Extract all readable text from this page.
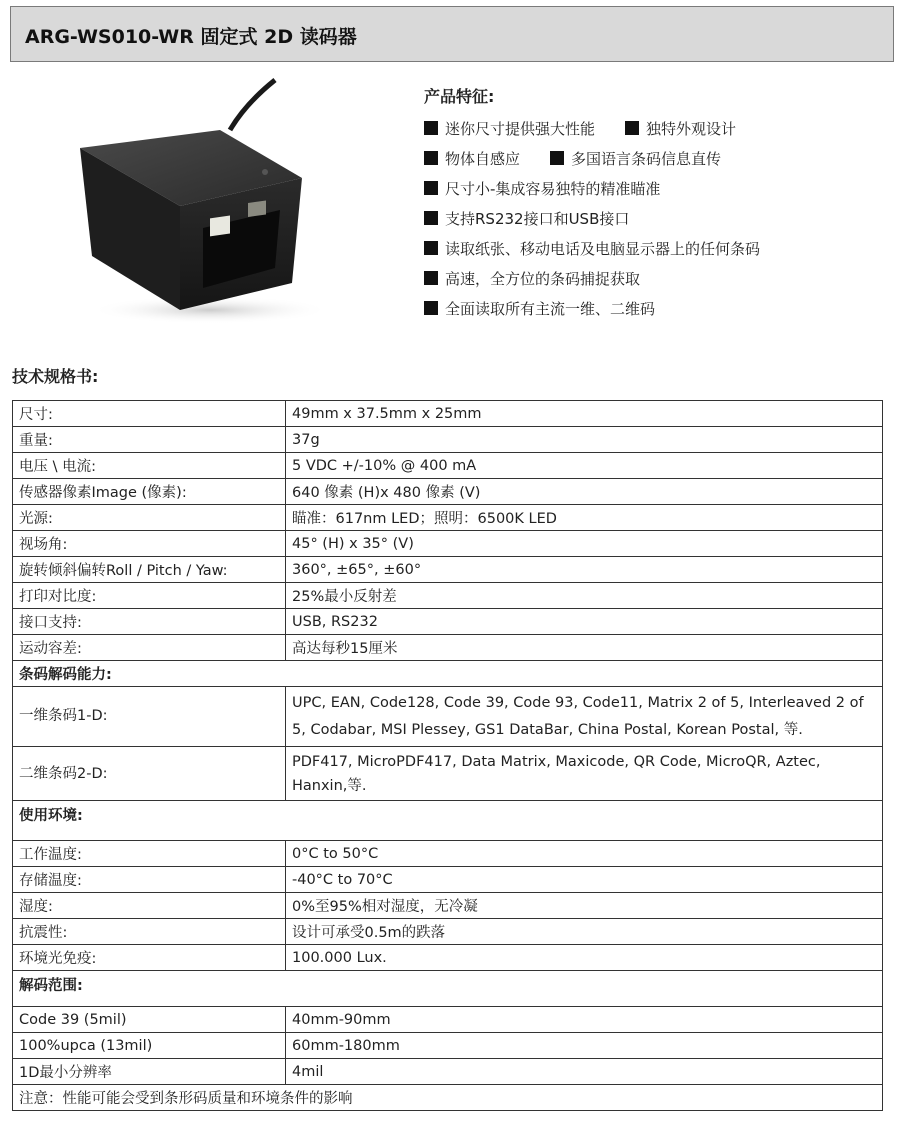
ARG-WS010-WR 固定式 2D 读码器
产品特征:
迷你尺寸提供强大性能	独特外观设计
物体自感应	多国语言条码信息直传
尺寸小-集成容易独特的精准瞄准
支持RS232接口和USB接口
读取纸张、移动电话及电脑显示器上的任何条码
高速，全方位的条码捕捉获取
全面读取所有主流一维、二维码
技术规格书:
尺寸:	49mm x 37.5mm x 25mm
重量:	37g
电压 \ 电流:	5 VDC +/-10% @ 400 mA
传感器像素Image (像素):	640 像素 (H)x 480 像素 (V)
光源:	瞄准：617nm LED；照明：6500K LED
视场角:	45° (H) x 35° (V)
旋转倾斜偏转Roll / Pitch / Yaw:	360°, ±65°, ±60°
打印对比度:	25%最小反射差
接口支持:	USB, RS232
运动容差:	高达每秒15厘米
条码解码能力:	
一维条码1-D:	UPC, EAN, Code128, Code 39, Code 93, Code11, Matrix 2 of 5, Interleaved 2 of 5, Codabar, MSI Plessey, GS1 DataBar, China Postal, Korean Postal, 等.
二维条码2-D:	PDF417, MicroPDF417, Data Matrix, Maxicode, QR Code, MicroQR, Aztec, Hanxin,等.
使用环境:	
工作温度:	0°C to 50°C
存储温度:	-40°C to 70°C
湿度:	0%至95%相对湿度，无冷凝
抗震性:	设计可承受0.5m的跌落
环境光免疫:	100.000 Lux.
解码范围:	
Code 39 (5mil)	40mm-90mm
100%upca (13mil)	60mm-180mm
1D最小分辨率	4mil
注意：性能可能会受到条形码质量和环境条件的影响	
